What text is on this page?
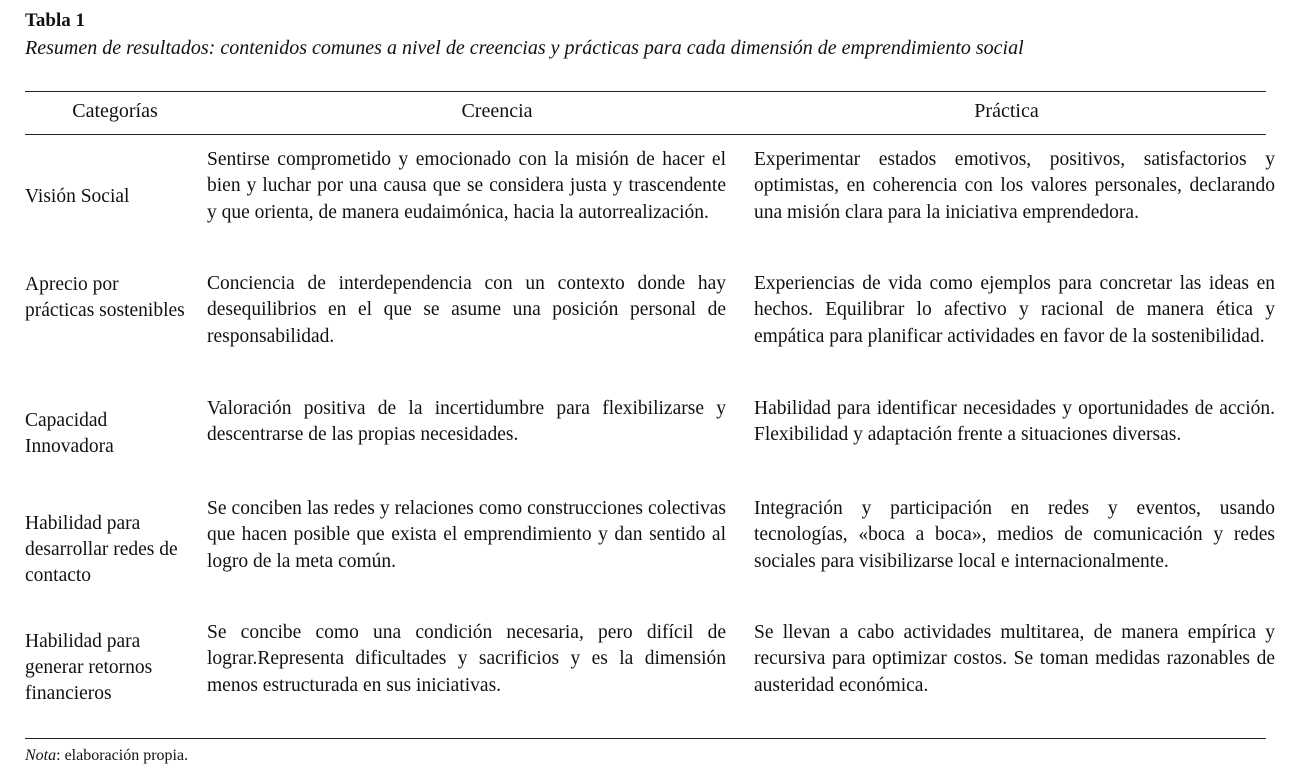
Tabla 1
Resumen de resultados: contenidos comunes a nivel de creencias y prácticas para cada dimensión de emprendimiento social
Categorías	Creencia	Práctica
Visión Social
Sentirse comprometido y emocionado con la misión de hacer el bien y luchar por una causa que se considera justa y trascendente y que orienta, de manera eudaimónica, hacia la autorrealización.
Experimentar estados emotivos, positivos, satisfactorios y optimistas, en coherencia con los valores personales, declarando una misión clara para la iniciativa emprendedora.
Aprecio por prácticas sostenibles
Conciencia de interdependencia con un contexto donde hay desequilibrios en el que se asume una posición personal de responsabilidad.
Experiencias de vida como ejemplos para concretar las ideas en hechos. Equilibrar lo afectivo y racional de manera ética y empática para planificar actividades en favor de la sostenibilidad.
Capacidad Innovadora
Valoración positiva de la incertidumbre para flexibilizarse y descentrarse de las propias necesidades.
Habilidad para identificar necesidades y oportunidades de acción. Flexibilidad y adaptación frente a situaciones diversas.
Habilidad para desarrollar redes de contacto
Se conciben las redes y relaciones como construcciones colectivas que hacen posible que exista el emprendimiento y dan sentido al logro de la meta común.
Integración y participación en redes y eventos, usando tecnologías, «boca a boca», medios de comunicación y redes sociales para visibilizarse local e internacionalmente.
Habilidad para generar retornos financieros
Se concibe como una condición necesaria, pero difícil de lograr.Representa dificultades y sacrificios y es la dimensión menos estructurada en sus iniciativas.
Se llevan a cabo actividades multitarea, de manera empírica y recursiva para optimizar costos. Se toman medidas razonables de austeridad económica.
Nota: elaboración propia.
